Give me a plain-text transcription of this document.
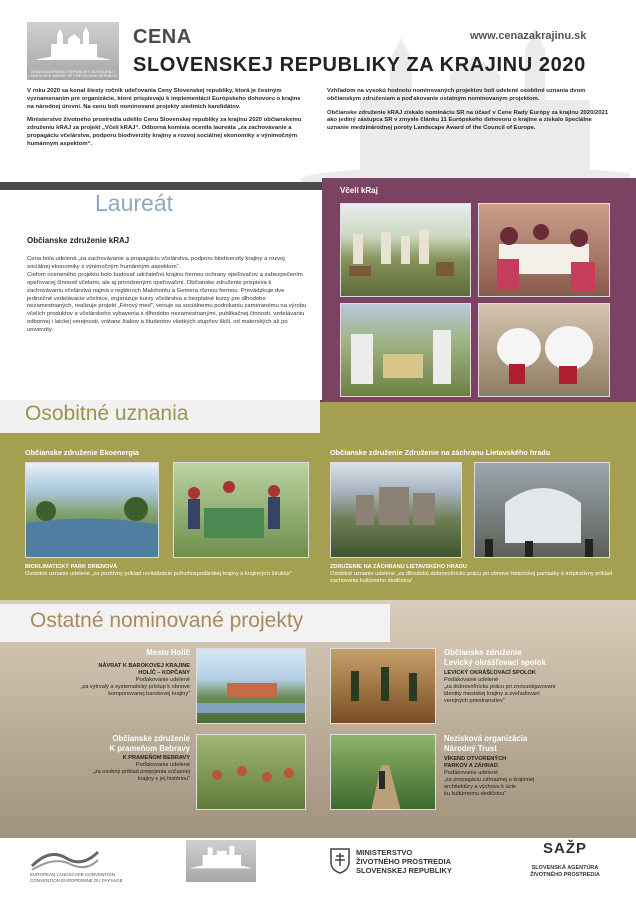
CENA SLOVENSKEJ REPUBLIKY ZA KRAJINU / LANDSCAPE AWARD OF THE SLOVAK REPUBLIC
CENA
SLOVENSKEJ REPUBLIKY ZA KRAJINU 2020
www.cenazakrajinu.sk

V roku 2020 sa konal šiesty ročník udeľovania Ceny Slovenskej republiky, ktorá je čestným vyznamenaním pre organizácie, ktoré prispievajú k implementácii Európskeho dohovoru o krajine na národnej úrovni. Na cenu boli nominované projekty siedmich kandidátov.

Ministerstvo životného prostredia udelilo Cenu Slovenskej republiky za krajinu 2020 občianskemu združeniu kRAJ za projekt „Včelí kRAJ“. Odborná komisia ocenila laureáta „za zachovávanie a propagáciu včelárstva, podporu biodiverzity krajiny a rozvoj sociálnej ekonomiky s výnimočným humánnym aspektom“.

Vzhľadom na vysokú hodnotu nominovaných projektov boli udelené osobitné uznania dvom občianskym združeniam a poďakovanie ostatným nominovaným projektom.

Občianske združenie kRAJ získalo nomináciu SR na účasť v Cene Rady Európy za krajinu 2020/2021 ako jediný zástupca SR v zmysle článku 11 Európskeho dohovoru o krajine a získalo špeciálne uznanie medzinárodnej poroty Landscape Award of the Council of Europe.

Laureát
Občianske združenie kRAJ

Cena bola udelená „za zachovávanie a propagáciu včelárstva, podporu biodiverzity krajiny a rozvoj sociálnej ekonomiky s výnimočným humánnym aspektom“.

Ciefom oceneného projektu bolo budovať udržateľnú krajinu formou ochrany opeľovačov a zabezpečením opeľovacej činnosti včelami, ale aj prirodzenými opeľovačmi. Občianske združenie prispieva k zachovávaniu včelárstva najmä v regiónoch Malohontu a Gemera rôznou formou. Prevádzkuje dve jedinečné vzdelávacie včelnice, organizuje kurzy včelárstva a bezplatné kurzy pre dlhodobo nezamestnaných, realizuje projekt „Férový med“, venuje sa sociálnemu podnikaniu zameranému na výrobu včelích produktov a včelárskeho vybavenia s dlhodobo nezamestnanými, publikačnej činnosti, vzdelávaniu odbornej i laickej verejnosti, vrátane žiakov a študentov všetkých stupňov škôl, od materských až po univerzity.

Včelí kRaj
Osobitné uznania
Občianske združenie Ekoenergia	Občianske združenie Združenie na záchranu Lietavského hradu
BIOKLIMATICKÝ PARK DRIENOVÁ
Osobitné uznanie udelené „za pozitívny príklad revitalizácie poľnohospodárskej krajiny a krajinných štruktúr“
ZDRUŽENIE NA ZÁCHRANU LIETAVSKÉHO HRADU
Osobitné uznanie udelené „za dlhodobú dobrovoľnícku prácu pri obnove historickej pamiatky a inšpiratívny príklad zachovania kultúrneho dedičstva“
Ostatné nominované projekty
Mesto Holíč
NÁVRAT K BAROKOVEJ KRAJINE
HOLÍČ – KOPČANY
Poďakovanie udelené
„za vytrvalý a systematický prístup k obnove
komponovanej barokovej krajiny“
Občianske združenie
K prameňom Bebravy
K PRAMEŇOM BEBRAVY
Poďakovanie udelené
„za osobný príklad prepojenia súčasnej
krajiny s jej históriou“
Občianske združenie
Levický okrášľovací spolok
LEVICKÝ OKRÁŠĽOVACÍ SPOLOK
Poďakovanie udelené
„za dobrovoľnícku prácu pri znovuobjavovaní
identity mestskej krajiny a zveľaďovaní
verejných priestranstiev“
Nezisková organizácia
Národný Trust
VÍKEND OTVORENÝCH
PARKOV A ZÁHRAD
Poďakovanie udelené
„za propagáciu záhradnej a krajinnej
architektúry a výchovu k úcte
ku kultúrnemu dedičstvu“
EUROPEAN LANDSCAPE CONVENTION
CONVENTION EUROPÉENNE DU PAYSAGE
MINISTERSTVO
ŽIVOTNÉHO PROSTREDIA
SLOVENSKEJ REPUBLIKY
SAŽP
SLOVENSKÁ AGENTÚRA
ŽIVOTNÉHO PROSTREDIA
